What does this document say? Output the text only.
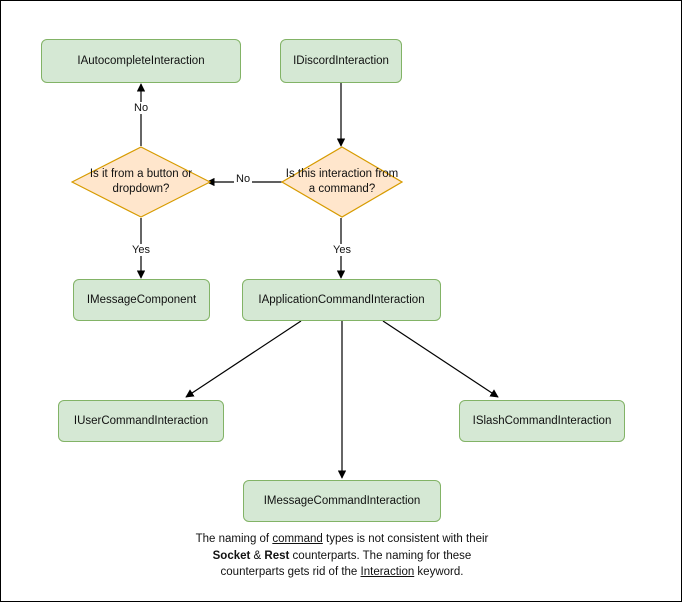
IAutocompleteInteraction	IDiscordInteraction
Is it from a button or dropdown?
Is this interaction from a command?
IMessageComponent	IApplicationCommandInteraction
IUserCommandInteraction	ISlashCommandInteraction
IMessageCommandInteraction
No
No
Yes	Yes
The naming of command types is not consistent with their
Socket & Rest counterparts. The naming for these
counterparts gets rid of the Interaction keyword.
